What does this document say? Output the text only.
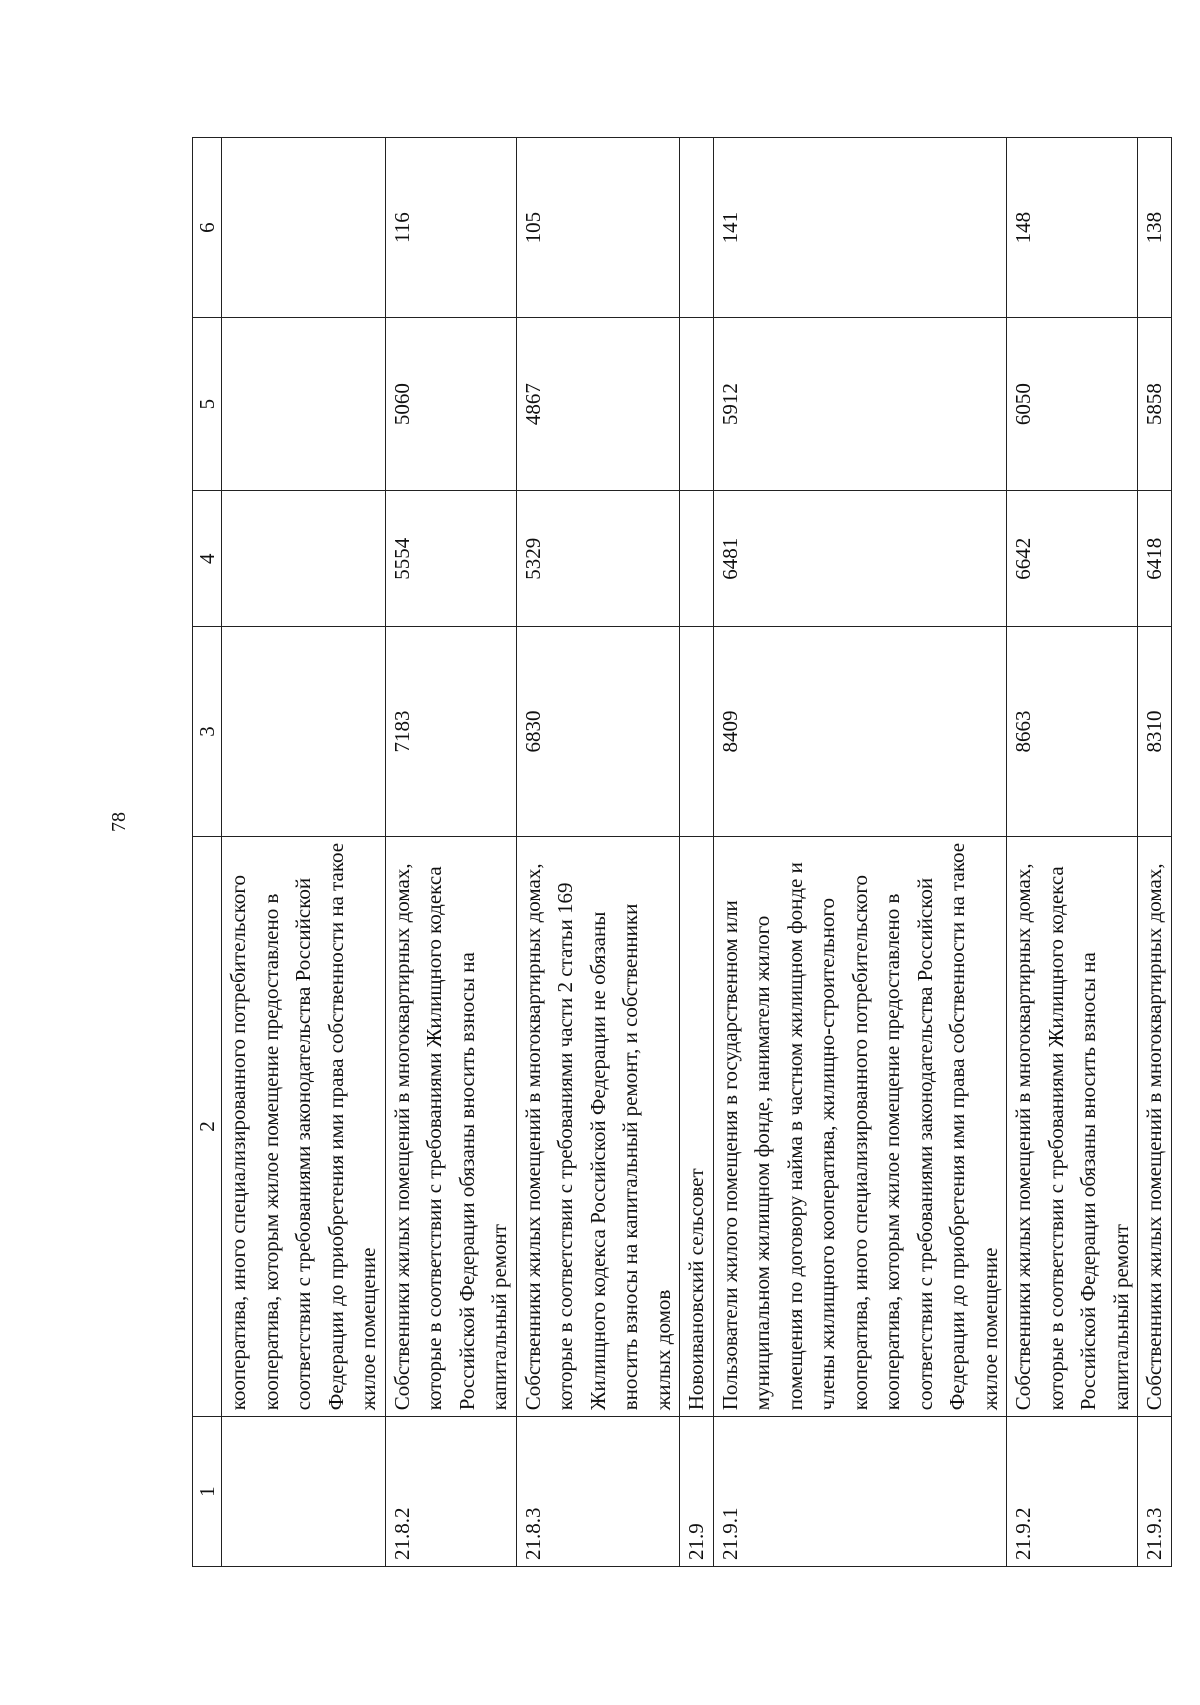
78
1	2	3	4	5	6
	кооператива, иного специализированного потребительского кооператива, которым жилое помещение предоставлено в соответствии с требованиями законодательства Российской Федерации до приобретения ими права собственности на такое жилое помещение				
21.8.2	Собственники жилых помещений в многоквартирных домах, которые в соответствии с требованиями Жилищного кодекса Российской Федерации обязаны вносить взносы на капитальный ремонт	7183	5554	5060	116
21.8.3	Собственники жилых помещений в многоквартирных домах, которые в соответствии с требованиями части 2 статьи 169 Жилищного кодекса Российской Федерации не обязаны вносить взносы на капитальный ремонт, и собственники жилых домов	6830	5329	4867	105
21.9	Новоивановский сельсовет				
21.9.1	Пользователи жилого помещения в государственном или муниципальном жилищном фонде, наниматели жилого помещения по договору найма в частном жилищном фонде и члены жилищного кооператива, жилищно-строительного кооператива, иного специализированного потребительского кооператива, которым жилое помещение предоставлено в соответствии с требованиями законодательства Российской Федерации до приобретения ими права собственности на такое жилое помещение	8409	6481	5912	141
21.9.2	Собственники жилых помещений в многоквартирных домах, которые в соответствии с требованиями Жилищного кодекса Российской Федерации обязаны вносить взносы на капитальный ремонт	8663	6642	6050	148
21.9.3	Собственники жилых помещений в многоквартирных домах,	8310	6418	5858	138
